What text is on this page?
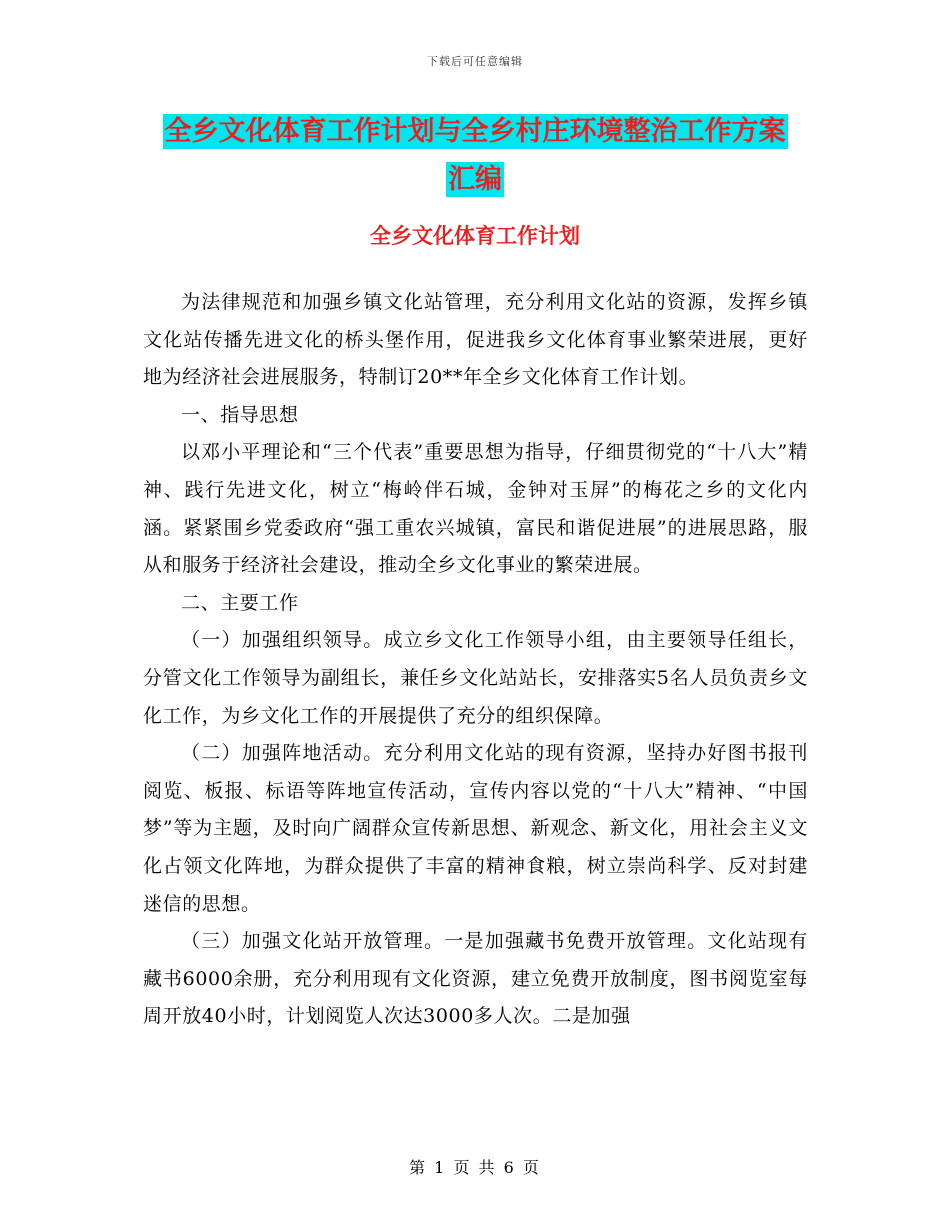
下载后可任意编辑
全乡文化体育工作计划与全乡村庄环境整治工作方案
汇编
全乡文化体育工作计划

为法律规范和加强乡镇文化站管理，充分利用文化站的资源，发挥乡镇文化站传播先进文化的桥头堡作用，促进我乡文化体育事业繁荣进展，更好地为经济社会进展服务，特制订20**年全乡文化体育工作计划。

一、指导思想

以邓小平理论和“三个代表”重要思想为指导，仔细贯彻党的“十八大”精神、践行先进文化，树立“梅岭伴石城，金钟对玉屏”的梅花之乡的文化内涵。紧紧围乡党委政府“强工重农兴城镇，富民和谐促进展”的进展思路，服从和服务于经济社会建设，推动全乡文化事业的繁荣进展。

二、主要工作

（一）加强组织领导。成立乡文化工作领导小组，由主要领导任组长，分管文化工作领导为副组长，兼任乡文化站站长，安排落实5名人员负责乡文化工作，为乡文化工作的开展提供了充分的组织保障。

（二）加强阵地活动。充分利用文化站的现有资源，坚持办好图书报刊阅览、板报、标语等阵地宣传活动，宣传内容以党的“十八大”精神、“中国梦”等为主题，及时向广阔群众宣传新思想、新观念、新文化，用社会主义文化占领文化阵地，为群众提供了丰富的精神食粮，树立崇尚科学、反对封建迷信的思想。

（三）加强文化站开放管理。一是加强藏书免费开放管理。文化站现有藏书6000余册，充分利用现有文化资源，建立免费开放制度，图书阅览室每周开放40小时，计划阅览人次达3000多人次。二是加强

第 1 页 共 6 页
